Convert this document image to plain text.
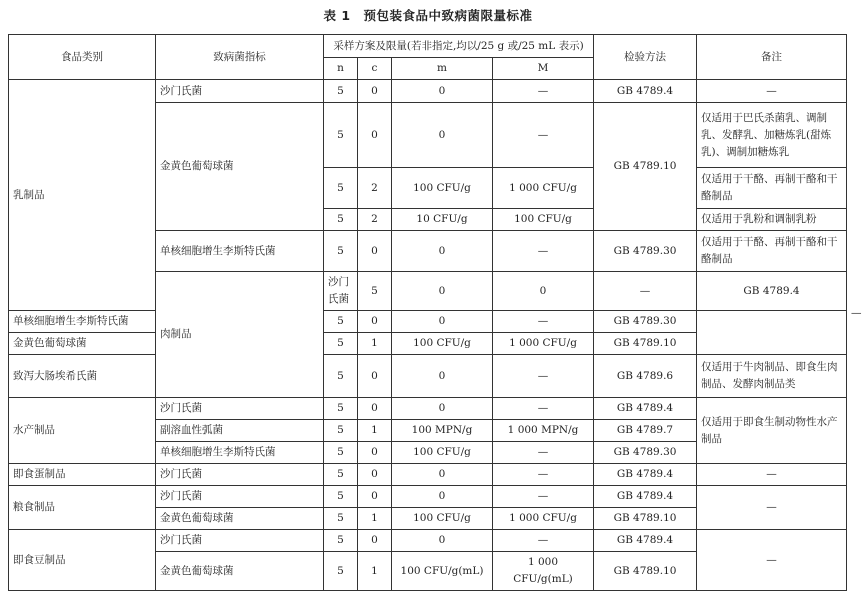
表 1　预包装食品中致病菌限量标准
食品类别	致病菌指标	采样方案及限量(若非指定,均以/25 g 或/25 mL 表示)				检验方法	备注	
		n	c	m	M			
乳制品	沙门氏菌	5	0	0	—	GB 4789.4	—	
	金黄色葡萄球菌	5	0	0	—	GB 4789.10	仅适用于巴氏杀菌乳、调制乳、发酵乳、加糖炼乳(甜炼乳)、调制加糖炼乳	
		5	2	100 CFU/g	1 000 CFU/g		仅适用于干酪、再制干酪和干酪制品	
		5	2	10 CFU/g	100 CFU/g		仅适用于乳粉和调制乳粉	
	单核细胞增生李斯特氏菌	5	0	0	—	GB 4789.30	仅适用于干酪、再制干酪和干酪制品	
	肉制品	沙门氏菌	5	0	0	—	GB 4789.4	—
单核细胞增生李斯特氏菌		5	0	0	—	GB 4789.30		
金黄色葡萄球菌		5	1	100 CFU/g	1 000 CFU/g	GB 4789.10		
致泻大肠埃希氏菌		5	0	0	—	GB 4789.6	仅适用于牛肉制品、即食生肉制品、发酵肉制品类	
水产制品	沙门氏菌	5	0	0	—	GB 4789.4	仅适用于即食生制动物性水产制品	
	副溶血性弧菌	5	1	100 MPN/g	1 000 MPN/g	GB 4789.7		
	单核细胞增生李斯特氏菌	5	0	100 CFU/g	—	GB 4789.30		
即食蛋制品	沙门氏菌	5	0	0	—	GB 4789.4	—	
粮食制品	沙门氏菌	5	0	0	—	GB 4789.4	—	
	金黄色葡萄球菌	5	1	100 CFU/g	1 000 CFU/g	GB 4789.10		
即食豆制品	沙门氏菌	5	0	0	—	GB 4789.4	—	
	金黄色葡萄球菌	5	1	100 CFU/g(mL)	1 000 CFU/g(mL)	GB 4789.10		
